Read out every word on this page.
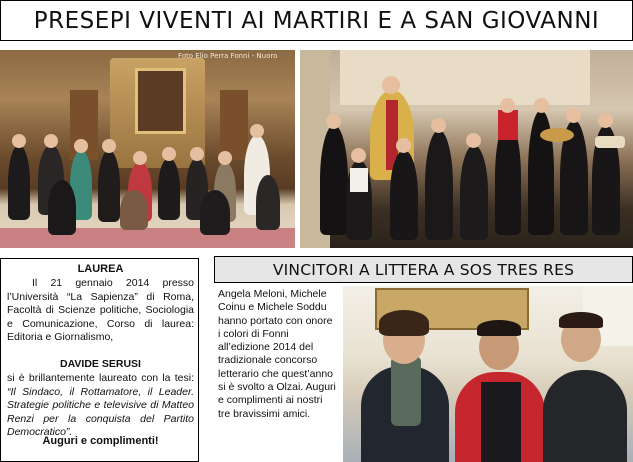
PRESEPI VIVENTI AI MARTIRI E A SAN GIOVANNI
Foto Elio Perra Fonni - Nuoro
LAUREA
Il 21 gennaio 2014 presso l’Università “La Sapienza” di Roma, Facoltà di Scienze politiche, Sociologia e Comunicazione, Corso di laurea: Editoria e Giornalismo,
DAVIDE SERUSI
si è brillantemente laureato con la tesi: “Il Sindaco, il Rottamatore, il Leader. Strategie politiche e televisive di Matteo Renzi per la conquista del Partito Democratico”.
Auguri e complimenti!
VINCITORI A LITTERA A SOS TRES RES

Angela Meloni, Michele Coinu e Michele Soddu hanno portato con onore i colori di Fonni all’edizione 2014 del tradizionale concorso letterario che quest’anno si è svolto a Olzai. Auguri e complimenti ai nostri tre bravissimi amici.
